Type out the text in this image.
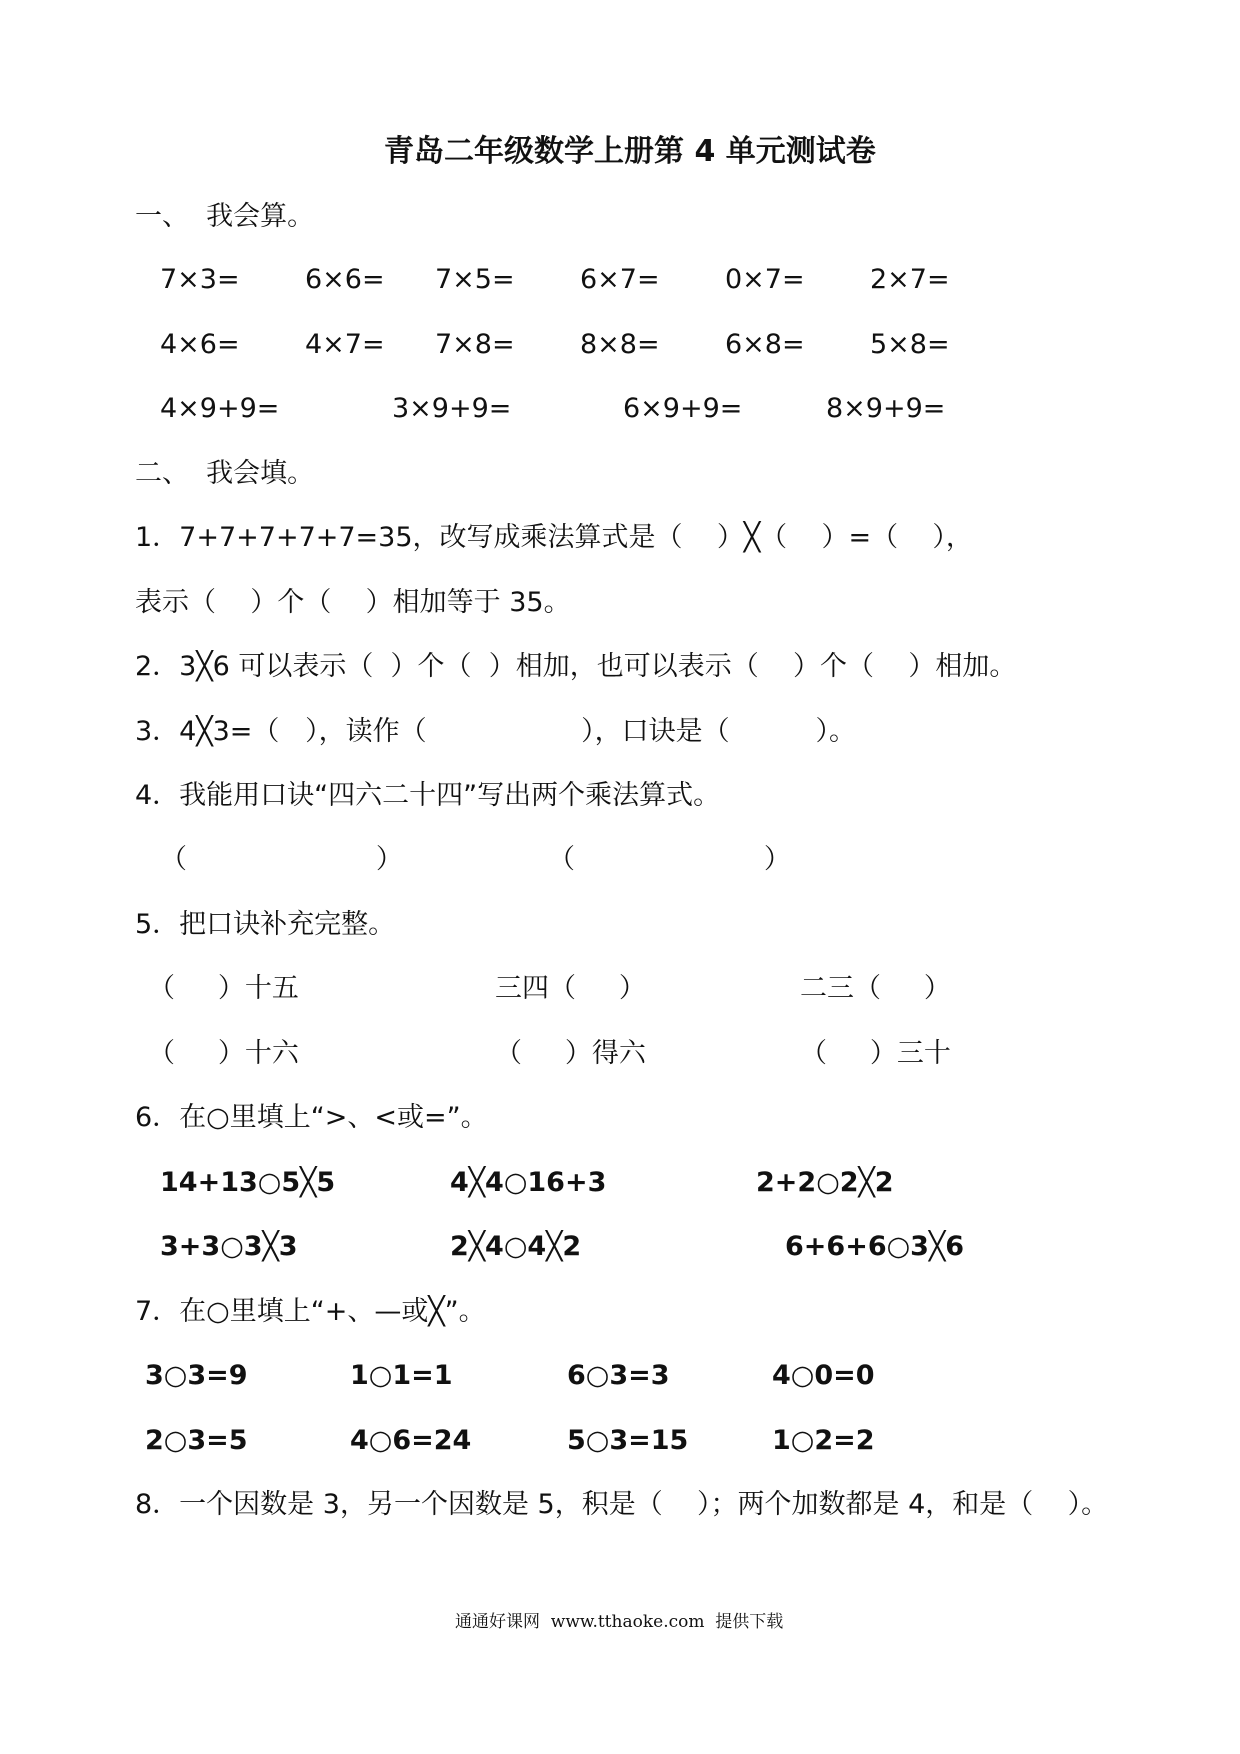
青岛二年级数学上册第 4 单元测试卷
一、  我会算。
7×3= 6×6= 7×5= 6×7= 0×7= 2×7=
4×6= 4×7= 7×8= 8×8= 6×8= 5×8=
4×9+9=	3×9+9=	6×9+9=	8×9+9=
二、  我会填。
1．7+7+7+7+7=35，改写成乘法算式是（    ）╳（    ）=（    ），
表示（    ）个（    ）相加等于 35。
2．3╳6 可以表示（  ）个（  ）相加，也可以表示（    ）个（    ）相加。
3．4╳3=（   ），读作（                  ），口诀是（          ）。
4．我能用口诀“四六二十四”写出两个乘法算式。
（                      ）	（                      ）
5．把口诀补充完整。
（     ）十五	三四（     ）	二三（     ）
（     ）十六	（     ）得六	（     ）三十
6．在○里填上“>、<或=”。
14+13○5╳5	4╳4○16+3	2+2○2╳2
3+3○3╳3	2╳4○4╳2	6+6+6○3╳6
7．在○里填上“+、—或╳”。
3○3=9	1○1=1	6○3=3	4○0=0
2○3=5	4○6=24	5○3=15	1○2=2
8．一个因数是 3，另一个因数是 5，积是（    ）；两个加数都是 4，和是（    ）。
通通好课网  www.tthaoke.com  提供下载
